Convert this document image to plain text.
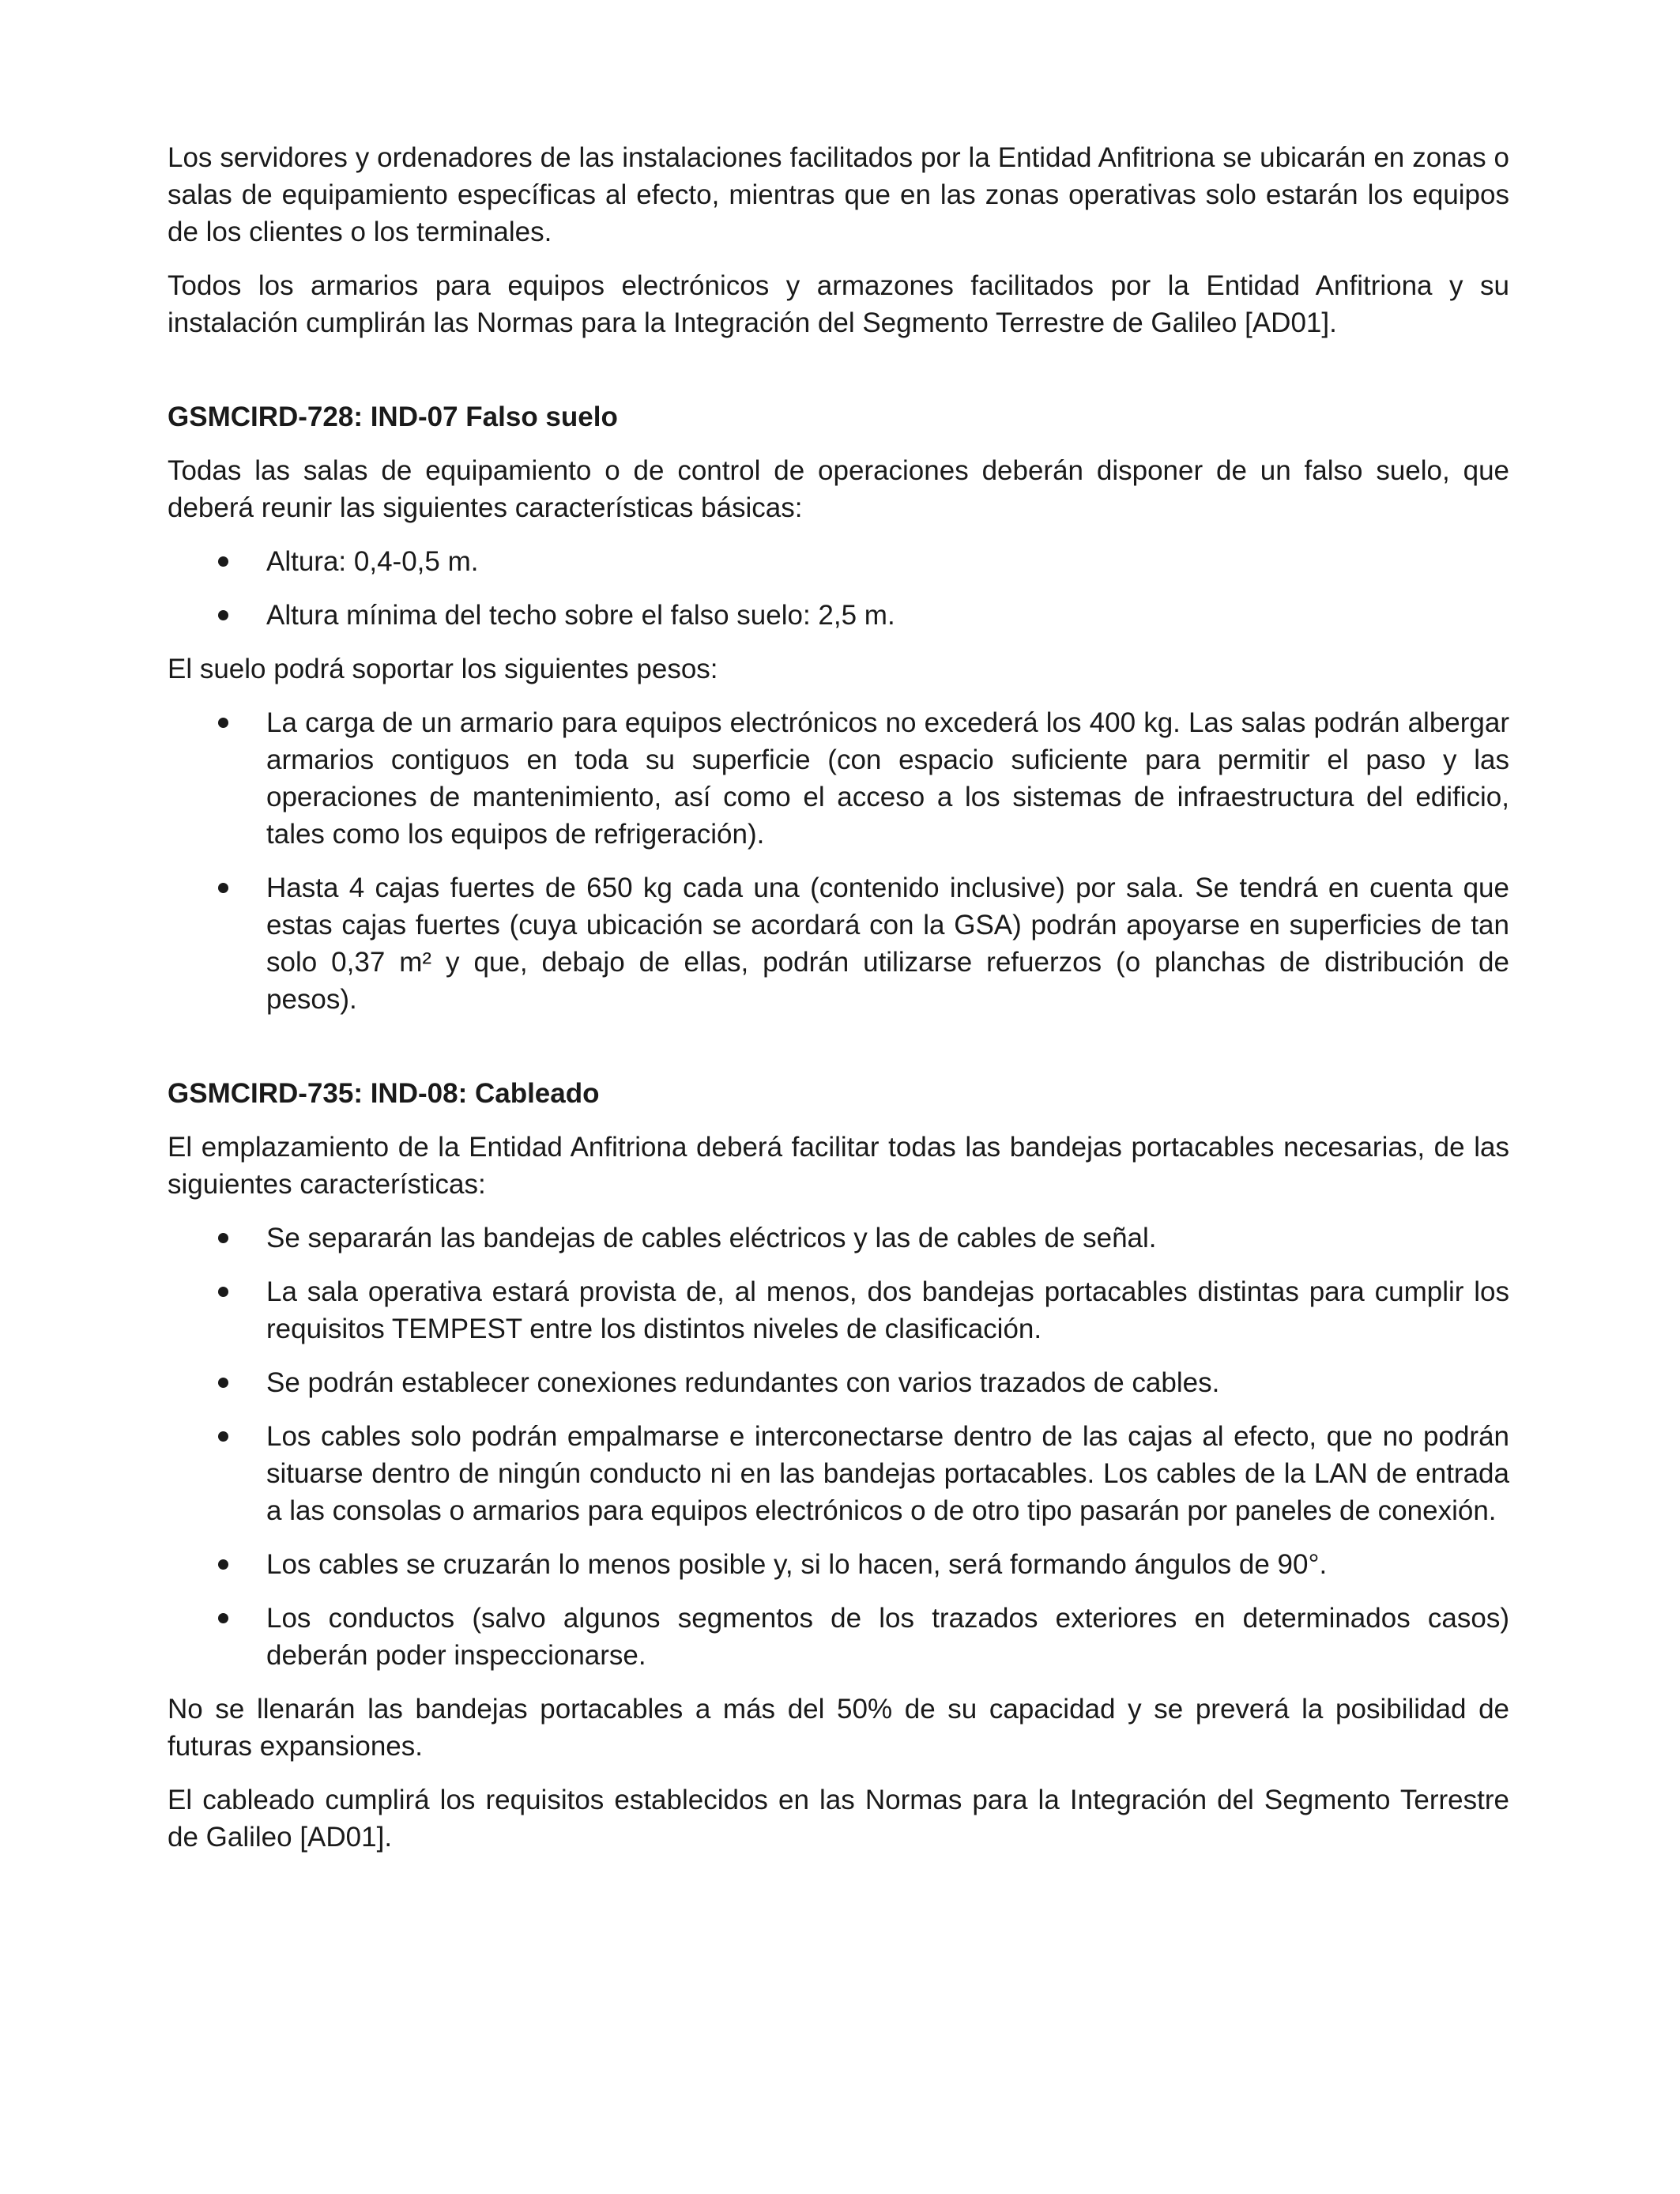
Los servidores y ordenadores de las instalaciones facilitados por la Entidad Anfitriona se ubicarán en zonas o salas de equipamiento específicas al efecto, mientras que en las zonas operativas solo estarán los equipos de los clientes o los terminales.

Todos los armarios para equipos electrónicos y armazones facilitados por la Entidad Anfitriona y su instalación cumplirán las Normas para la Integración del Segmento Terrestre de Galileo [AD01].

GSMCIRD-728: IND-07 Falso suelo

Todas las salas de equipamiento o de control de operaciones deberán disponer de un falso suelo, que deberá reunir las siguientes características básicas:

Altura: 0,4-0,5 m.
Altura mínima del techo sobre el falso suelo: 2,5 m.

El suelo podrá soportar los siguientes pesos:

La carga de un armario para equipos electrónicos no excederá los 400 kg. Las salas podrán albergar armarios contiguos en toda su superficie (con espacio suficiente para permitir el paso y las operaciones de mantenimiento, así como el acceso a los sistemas de infraestructura del edificio, tales como los equipos de refrigeración).
Hasta 4 cajas fuertes de 650 kg cada una (contenido inclusive) por sala. Se tendrá en cuenta que estas cajas fuertes (cuya ubicación se acordará con la GSA) podrán apoyarse en superficies de tan solo 0,37 m² y que, debajo de ellas, podrán utilizarse refuerzos (o planchas de distribución de pesos).

GSMCIRD-735: IND-08: Cableado

El emplazamiento de la Entidad Anfitriona deberá facilitar todas las bandejas portacables necesarias, de las siguientes características:

Se separarán las bandejas de cables eléctricos y las de cables de señal.
La sala operativa estará provista de, al menos, dos bandejas portacables distintas para cumplir los requisitos TEMPEST entre los distintos niveles de clasificación.
Se podrán establecer conexiones redundantes con varios trazados de cables.
Los cables solo podrán empalmarse e interconectarse dentro de las cajas al efecto, que no podrán situarse dentro de ningún conducto ni en las bandejas portacables. Los cables de la LAN de entrada a las consolas o armarios para equipos electrónicos o de otro tipo pasarán por paneles de conexión.
Los cables se cruzarán lo menos posible y, si lo hacen, será formando ángulos de 90°.
Los conductos (salvo algunos segmentos de los trazados exteriores en determinados casos) deberán poder inspeccionarse.

No se llenarán las bandejas portacables a más del 50% de su capacidad y se preverá la posibilidad de futuras expansiones.

El cableado cumplirá los requisitos establecidos en las Normas para la Integración del Segmento Terrestre de Galileo [AD01].
